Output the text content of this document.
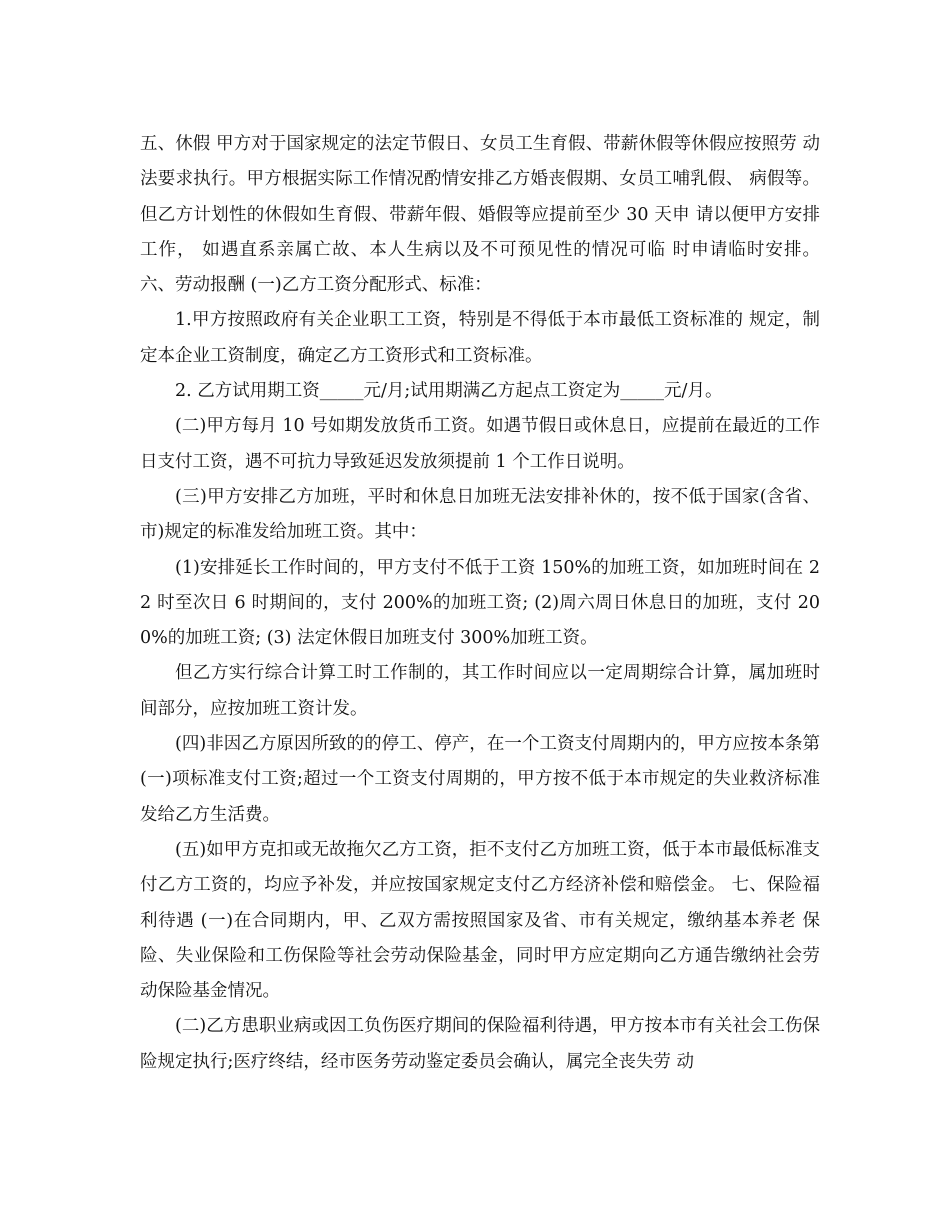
五、休假 甲方对于国家规定的法定节假日、女员工生育假、带薪休假等休假应按照劳 动法要求执行。甲方根据实际工作情况酌情安排乙方婚丧假期、女员工哺乳假、 病假等。但乙方计划性的休假如生育假、带薪年假、婚假等应提前至少 30 天申 请以便甲方安排工作， 如遇直系亲属亡故、本人生病以及不可预见性的情况可临 时申请临时安排。 六、劳动报酬 (一)乙方工资分配形式、标准：

1.甲方按照政府有关企业职工工资，特别是不得低于本市最低工资标准的 规定，制定本企业工资制度，确定乙方工资形式和工资标准。

2. 乙方试用期工资_____元/月;试用期满乙方起点工资定为_____元/月。

(二)甲方每月 10 号如期发放货币工资。如遇节假日或休息日，应提前在最近的工作日支付工资，遇不可抗力导致延迟发放须提前 1 个工作日说明。

(三)甲方安排乙方加班，平时和休息日加班无法安排补休的，按不低于国家(含省、市)规定的标准发给加班工资。其中：

(1)安排延长工作时间的，甲方支付不低于工资 150%的加班工资，如加班时间在 22 时至次日 6 时期间的，支付 200%的加班工资; (2)周六周日休息日的加班，支付 200%的加班工资; (3) 法定休假日加班支付 300%加班工资。

但乙方实行综合计算工时工作制的，其工作时间应以一定周期综合计算，属加班时间部分，应按加班工资计发。

(四)非因乙方原因所致的的停工、停产，在一个工资支付周期内的，甲方应按本条第(一)项标准支付工资;超过一个工资支付周期的，甲方按不低于本市规定的失业救济标准发给乙方生活费。

(五)如甲方克扣或无故拖欠乙方工资，拒不支付乙方加班工资，低于本市最低标准支付乙方工资的，均应予补发，并应按国家规定支付乙方经济补偿和赔偿金。 七、保险福利待遇 (一)在合同期内，甲、乙双方需按照国家及省、市有关规定，缴纳基本养老 保险、失业保险和工伤保险等社会劳动保险基金，同时甲方应定期向乙方通告缴纳社会劳动保险基金情况。

(二)乙方患职业病或因工负伤医疗期间的保险福利待遇，甲方按本市有关社会工伤保险规定执行;医疗终结，经市医务劳动鉴定委员会确认，属完全丧失劳 动
